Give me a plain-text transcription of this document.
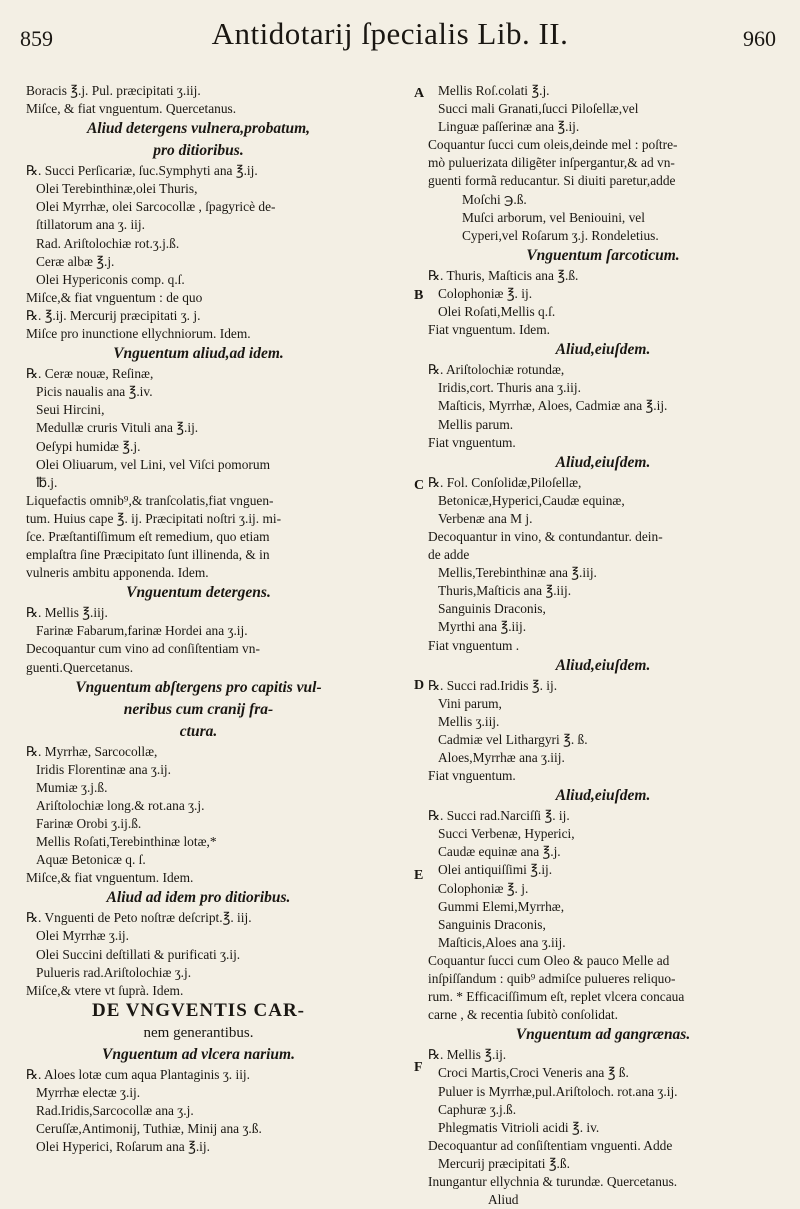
859	Antidotarij ſpecialis Lib. II.	960
A
B
C
D
E
F
Boracis ℥.j. Pul. præcipitati ʒ.iij.
Miſce, & fiat vnguentum. Quercetanus.
Aliud detergens vulnera,probatum,
pro ditioribus.
℞. Succi Perſicariæ, ſuc.Symphyti ana ℥.ij.
Olei Terebinthinæ,olei Thuris,
Olei Myrrhæ, olei Sarcocollæ , ſpagyricè de-
ſtillatorum ana ʒ. iij.
Rad. Ariſtolochiæ rot.ʒ.j.ß.
Ceræ albæ ℥.j.
Olei Hypericonis comp. q.ſ.
Miſce,& fiat vnguentum : de quo
℞. ℥.ij. Mercurij præcipitati ʒ. j.
Miſce pro inunctione ellychniorum. Idem.
Vnguentum aliud,ad idem.
℞. Ceræ nouæ, Reſinæ,
Picis naualis ana ℥.iv.
Seui Hircini,
Medullæ cruris Vituli ana ℥.ij.
Oeſypi humidæ ℥.j.
Olei Oliuarum, vel Lini, vel Viſci pomorum
℔.j.
Liquefactis omnib⁹,& tranſcolatis,fiat vnguen-
tum. Huius cape ℥. ij. Præcipitati noſtri ʒ.ij. mi-
ſce. Præſtantiſſimum eſt remedium, quo etiam
emplaſtra ſine Præcipitato ſunt illinenda, & in
vulneris ambitu apponenda. Idem.
Vnguentum detergens.
℞. Mellis ℥.iij.
Farinæ Fabarum,farinæ Hordei ana ʒ.ij.
Decoquantur cum vino ad conſiſtentiam vn-
guenti.Quercetanus.
Vnguentum abſtergens pro capitis vul-
neribus cum cranij fra-
ctura.
℞. Myrrhæ, Sarcocollæ,
Iridis Florentinæ ana ʒ.ij.
Mumiæ ʒ.j.ß.
Ariſtolochiæ long.& rot.ana ʒ.j.
Farinæ Orobi ʒ.ij.ß.
Mellis Roſati,Terebinthinæ lotæ,*
Aquæ Betonicæ q. ſ.
Miſce,& fiat vnguentum. Idem.
Aliud ad idem pro ditioribus.
℞. Vnguenti de Peto noſtræ deſcript.℥. iij.
Olei Myrrhæ ʒ.ij.
Olei Succini deſtillati & purificati ʒ.ij.
Pulueris rad.Ariſtolochiæ ʒ.j.
Miſce,& vtere vt ſuprà. Idem.
DE VNGVENTIS CAR-
nem generantibus.
Vnguentum ad vlcera narium.
℞. Aloes lotæ cum aqua Plantaginis ʒ. iij.
Myrrhæ electæ ʒ.ij.
Rad.Iridis,Sarcocollæ ana ʒ.j.
Ceruſſæ,Antimonij, Tuthiæ, Minij ana ʒ.ß.
Olei Hyperici, Roſarum ana ℥.ij.
Mellis Roſ.colati ℥.j.
Succi mali Granati,ſucci Piloſellæ,vel
Linguæ paſſerinæ ana ℥.ij.
Coquantur ſucci cum oleis,deinde mel : poſtre-
mò puluerizata diligẽter inſpergantur,& ad vn-
guenti formã reducantur. Si diuiti paretur,adde
Moſchi ℈.ß.
Muſci arborum, vel Beniouini, vel
Cyperi,vel Roſarum ʒ.j. Rondeletius.
Vnguentum ſarcoticum.
℞. Thuris, Maſticis ana ℥.ß.
Colophoniæ ℥. ij.
Olei Roſati,Mellis q.ſ.
Fiat vnguentum. Idem.
Aliud,eiuſdem.
℞. Ariſtolochiæ rotundæ,
Iridis,cort. Thuris ana ʒ.iij.
Maſticis, Myrrhæ, Aloes, Cadmiæ ana ℥.ij.
Mellis parum.
Fiat vnguentum.
Aliud,eiuſdem.
℞. Fol. Conſolidæ,Piloſellæ,
Betonicæ,Hyperici,Caudæ equinæ,
Verbenæ ana M j.
Decoquantur in vino, & contundantur. dein-
de adde
Mellis,Terebinthinæ ana ℥.iij.
Thuris,Maſticis ana ℥.iij.
Sanguinis Draconis,
Myrthi ana ℥.iij.
Fiat vnguentum .
Aliud,eiuſdem.
℞. Succi rad.Iridis ℥. ij.
Vini parum,
Mellis ʒ.iij.
Cadmiæ vel Lithargyri ℥. ß.
Aloes,Myrrhæ ana ʒ.iij.
Fiat vnguentum.
Aliud,eiuſdem.
℞. Succi rad.Narciſſi ℥. ij.
Succi Verbenæ, Hyperici,
Caudæ equinæ ana ℥.j.
Olei antiquiſſimi ℥.ij.
Colophoniæ ℥. j.
Gummi Elemi,Myrrhæ,
Sanguinis Draconis,
Maſticis,Aloes ana ʒ.iij.
Coquantur ſucci cum Oleo & pauco Melle ad
inſpiſſandum : quib⁹ admiſce pulueres reliquo-
rum. * Efficaciſſimum eſt, replet vlcera concaua
carne , & recentia ſubitò conſolidat.
Vnguentum ad gangrænas.
℞. Mellis ℥.ij.
Croci Martis,Croci Veneris ana ℥ ß.
Puluer is Myrrhæ,pul.Ariſtoloch. rot.ana ʒ.ij.
Caphuræ ʒ.j.ß.
Phlegmatis Vitrioli acidi ℥. iv.
Decoquantur ad conſiſtentiam vnguenti. Adde
Mercurij præcipitati ℥.ß.
Inungantur ellychnia & turundæ. Quercetanus.
Aliud
